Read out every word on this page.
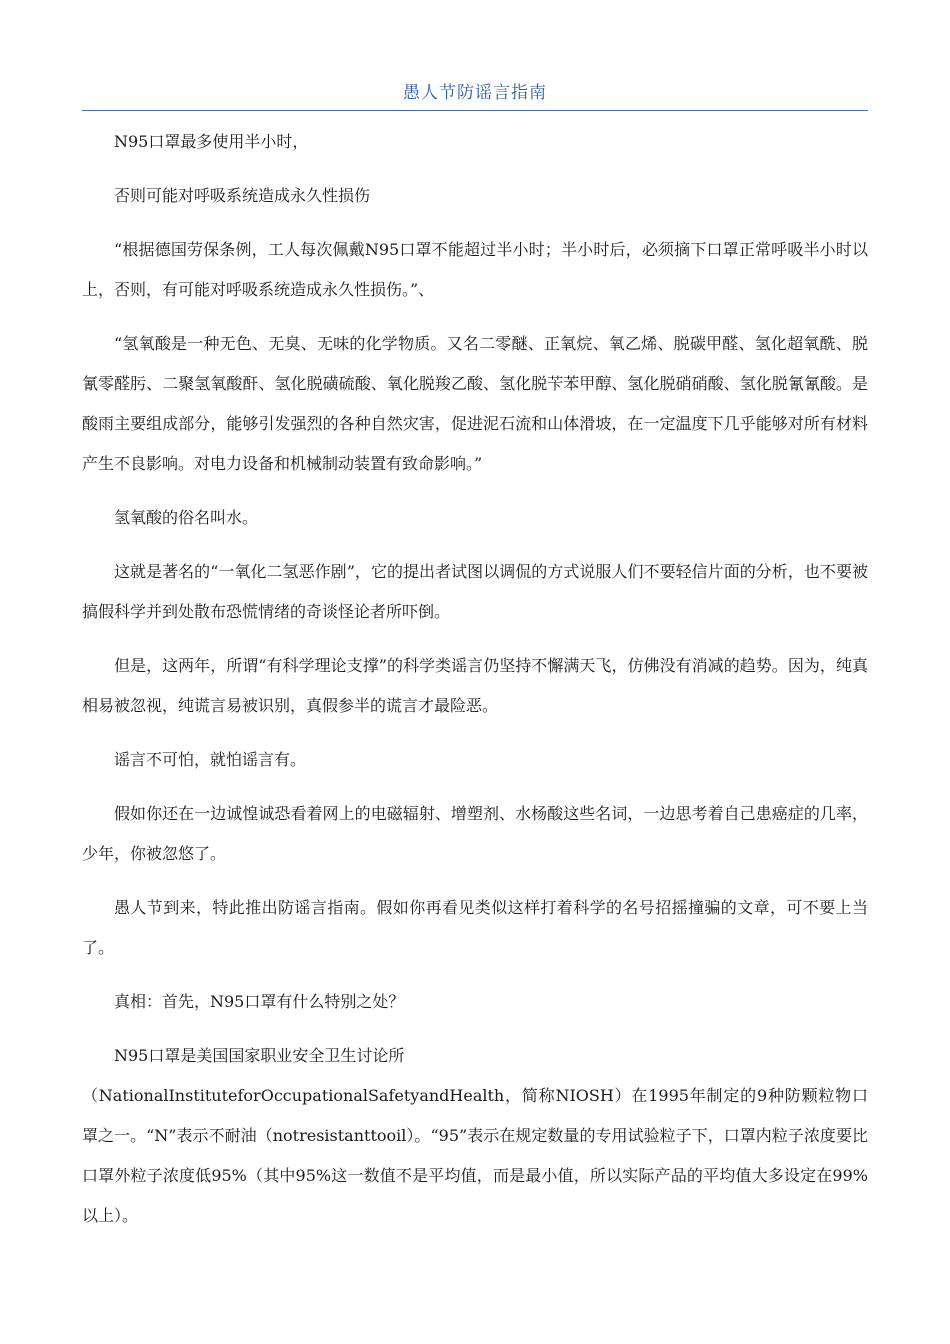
愚人节防谣言指南

N95口罩最多使用半小时，

否则可能对呼吸系统造成永久性损伤

“根据德国劳保条例，工人每次佩戴N95口罩不能超过半小时；半小时后，必须摘下口罩正常呼吸半小时以上，否则，有可能对呼吸系统造成永久性损伤。”、

“氢氧酸是一种无色、无臭、无味的化学物质。又名二零醚、正氧烷、氧乙烯、脱碳甲醛、氢化超氧酰、脱氰零醛肟、二聚氢氧酸酐、氢化脱磺硫酸、氧化脱羧乙酸、氢化脱苄苯甲醇、氢化脱硝硝酸、氢化脱氰氰酸。是酸雨主要组成部分，能够引发强烈的各种自然灾害，促进泥石流和山体滑坡，在一定温度下几乎能够对所有材料产生不良影响。对电力设备和机械制动装置有致命影响。”

氢氧酸的俗名叫水。

这就是著名的“一氧化二氢恶作剧”，它的提出者试图以调侃的方式说服人们不要轻信片面的分析，也不要被搞假科学并到处散布恐慌情绪的奇谈怪论者所吓倒。

但是，这两年，所谓“有科学理论支撑”的科学类谣言仍坚持不懈满天飞，仿佛没有消减的趋势。因为，纯真相易被忽视，纯谎言易被识别，真假参半的谎言才最险恶。

谣言不可怕，就怕谣言有。

假如你还在一边诚惶诚恐看着网上的电磁辐射、增塑剂、水杨酸这些名词，一边思考着自己患癌症的几率，少年，你被忽悠了。

愚人节到来，特此推出防谣言指南。假如你再看见类似这样打着科学的名号招摇撞骗的文章，可不要上当了。

真相：首先，N95口罩有什么特别之处？

N95口罩是美国国家职业安全卫生讨论所

（NationalInstituteforOccupationalSafetyandHealth，简称NIOSH）在1995年制定的9种防颗粒物口罩之一。“N”表示不耐油（notresistanttooil）。“95”表示在规定数量的专用试验粒子下，口罩内粒子浓度要比口罩外粒子浓度低95%（其中95%这一数值不是平均值，而是最小值，所以实际产品的平均值大多设定在99%以上）。
